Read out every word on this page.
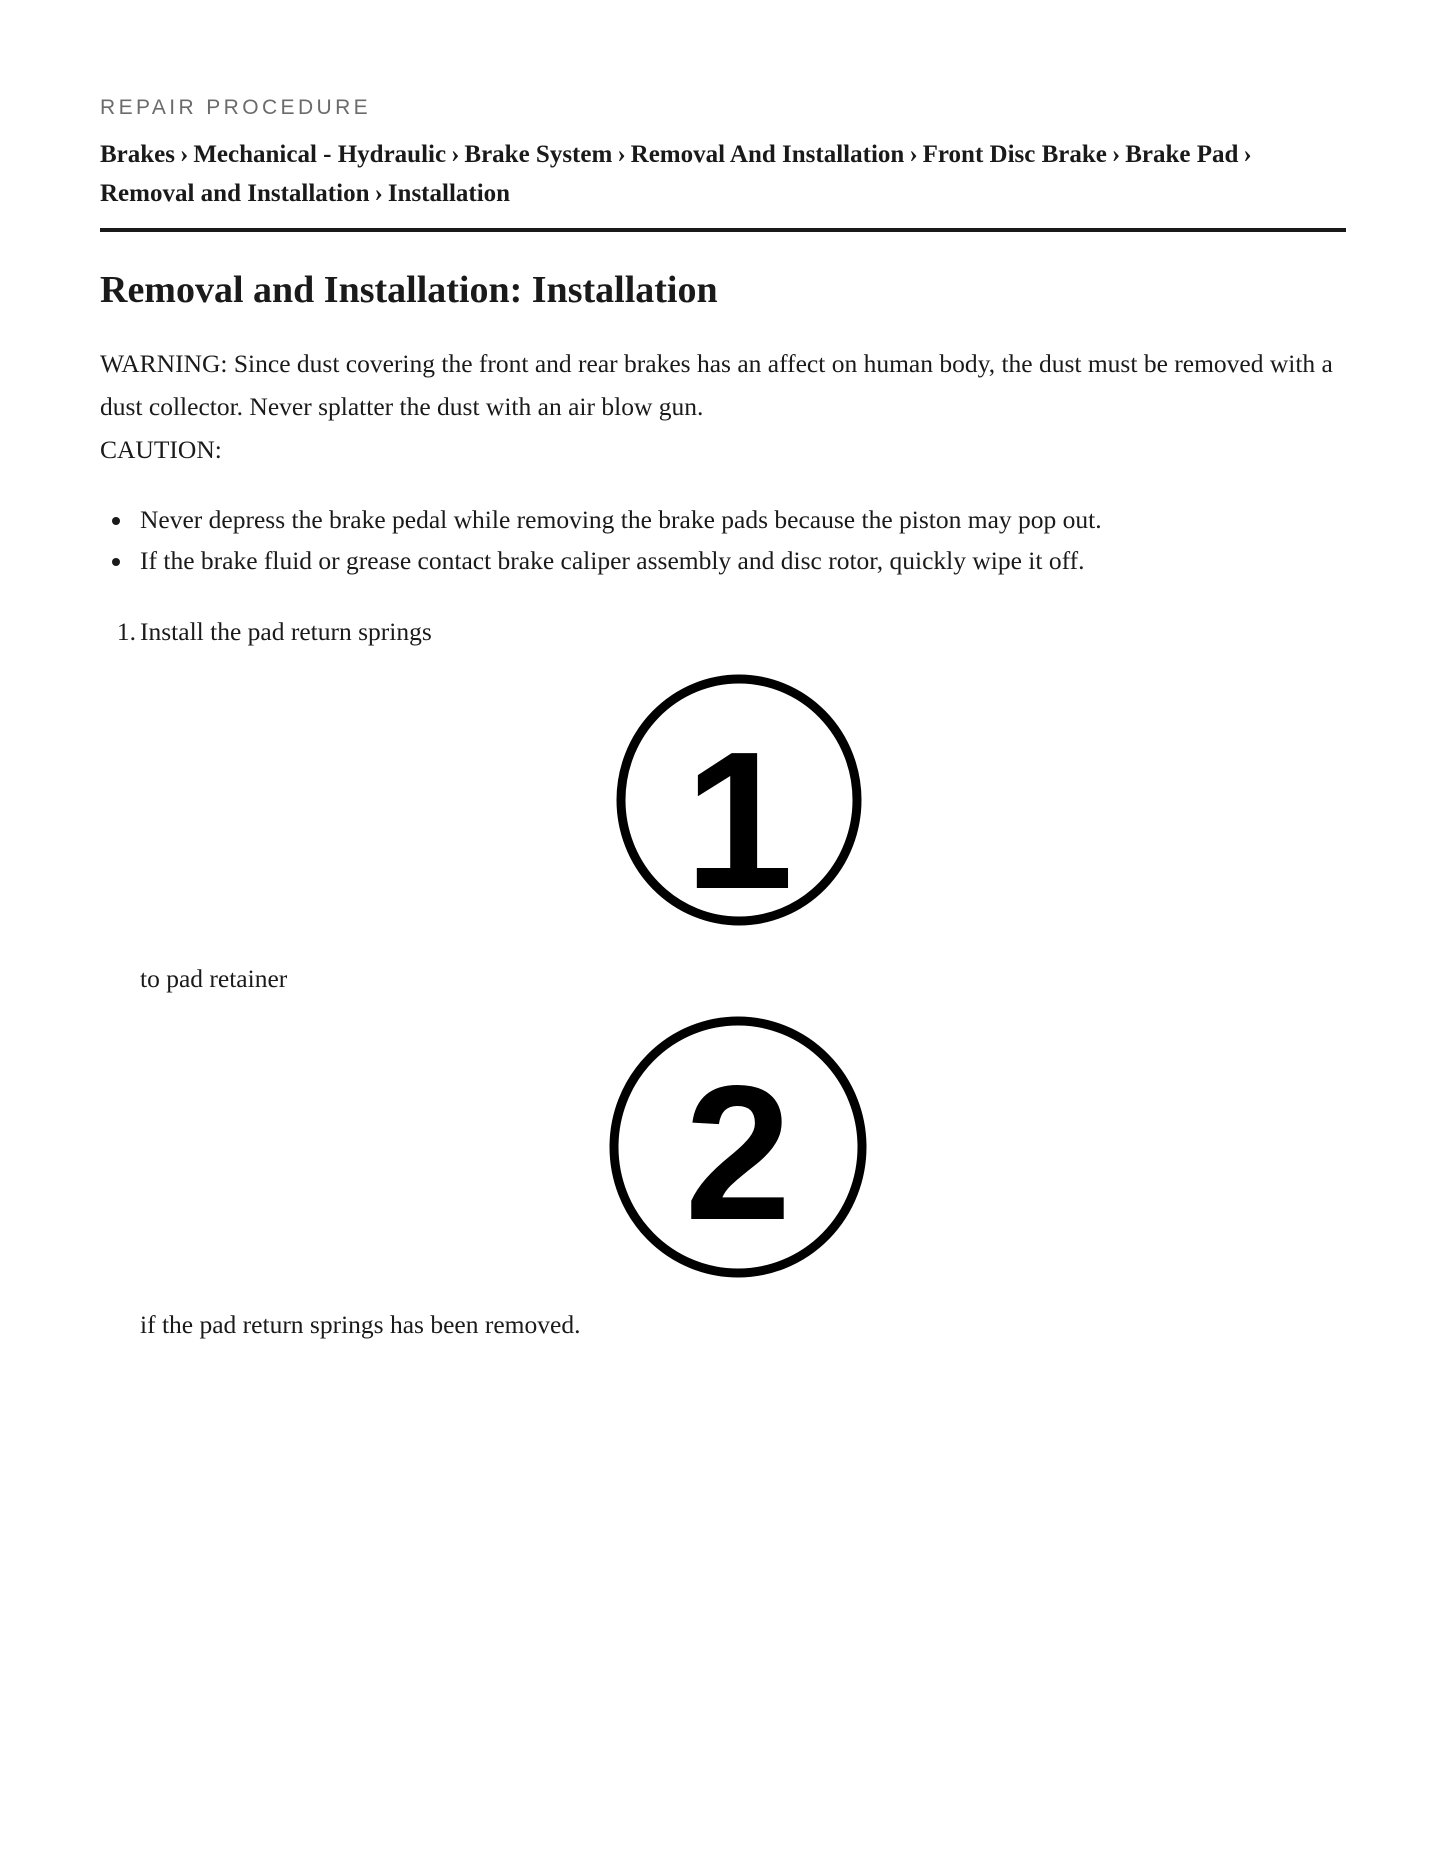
REPAIR PROCEDURE
Brakes › Mechanical - Hydraulic › Brake System › Removal And Installation › Front Disc Brake › Brake Pad ›
Removal and Installation › Installation
Removal and Installation: Installation

WARNING: Since dust covering the front and rear brakes has an affect on human body, the dust must be removed with a dust collector. Never splatter the dust with an air blow gun.

CAUTION:
Never depress the brake pedal while removing the brake pads because the piston may pop out.
If the brake fluid or grease contact brake caliper assembly and disc rotor, quickly wipe it off.
1. Install the pad return springs
1
to pad retainer
2
if the pad return springs has been removed.
